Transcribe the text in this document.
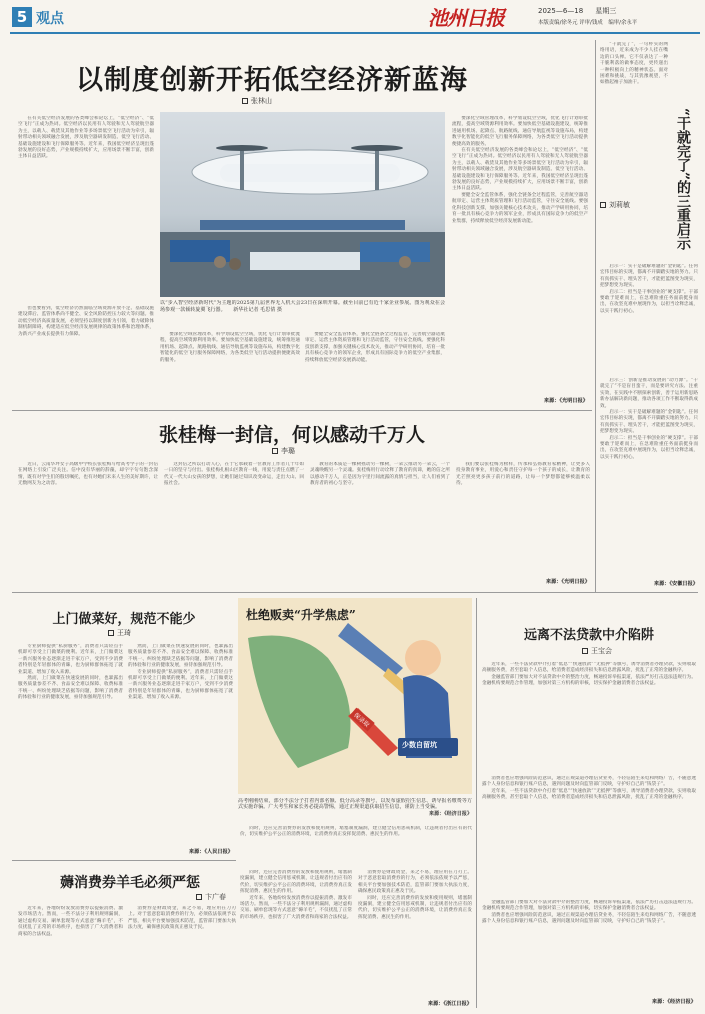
5 观点	池州日报	2025—6—18 星期三
本版责编/徐冬元 评审/钱成 编审/余永平
以制度创新开拓低空经济新蓝海
张林山

在有关低空经济发展的各类峰会和论坛上，“低空经济”、“低空飞行”正成为热词。低空经济以民用有人驾驶和无人驾驶航空器为主，以载人、载货及其他作业等多场景低空飞行活动为牵引，辐射带动相关领域融合发展，涉及航空器研发制造、低空飞行活动、基础设施建设和飞行保障服务等。近年来，我国低空经济呈现出蓬勃发展的良好态势，产业规模持续扩大，应用场景不断丰富，创新主体日益活跃。

以“步入智空经济新时代”为主题的2025第九届世界无人机大会23日在深圳开幕。截至目前已有近千家企业参展。图为观众在会场参观一款倾转旋翼飞行器。 新华社记者 毛思倩 摄

但也要看到，低空经济仍然面临空域资源开放不足、基础设施建设滞后、监管体系尚不健全、安全风险防控压力较大等问题。推动低空经济高质量发展，必须坚持以制度创新为引领，着力破除体制机制障碍，构建适应低空经济发展规律的政策体系和治理体系，为新兴产业成长提供有力保障。	要深化空域管理改革，科学划设低空空域，优化飞行计划审批流程，提高空域资源利用效率。要加快低空基础设施建设，统筹推进通用机场、起降点、航路航线、通信导航监视等设施布局，构建数字化智能化的低空飞行服务保障网络，为各类低空飞行活动提供便捷高效的服务。

要健全安全监管体系，强化全链条全过程监管，完善航空器适航审定、运营主体资质管理和飞行活动监管，守住安全底线。要强化科技创新支撑，加强关键核心技术攻关，推动产学研用协同，培育一批具有核心竞争力的领军企业，形成具有国际竞争力的低空产业集群，持续释放低空经济发展新动能。

要深化空域管理改革，科学划设低空空域，优化飞行计划审批流程，提高空域资源利用效率。要加快低空基础设施建设，统筹推进通用机场、起降点、航路航线、通信导航监视等设施布局，构建数字化智能化的低空飞行服务保障网络，为各类低空飞行活动提供便捷高效的服务。

在有关低空经济发展的各类峰会和论坛上，“低空经济”、“低空飞行”正成为热词。低空经济以民用有人驾驶和无人驾驶航空器为主，以载人、载货及其他作业等多场景低空飞行活动为牵引，辐射带动相关领域融合发展，涉及航空器研发制造、低空飞行活动、基础设施建设和飞行保障服务等。近年来，我国低空经济呈现出蓬勃发展的良好态势，产业规模持续扩大，应用场景不断丰富，创新主体日益活跃。

要健全安全监管体系，强化全链条全过程监管，完善航空器适航审定、运营主体资质管理和飞行活动监管，守住安全底线。要强化科技创新支撑，加强关键核心技术攻关，推动产学研用协同，培育一批具有核心竞争力的领军企业，形成具有国际竞争力的低空产业集群，持续释放低空经济发展新动能。

来源：《光明日报》

“干就完了”，一句朴实的网络用语，近来成为不少人挂在嘴边的口头禅。它不仅表达了一种干脆利落的做事态度，更传递出一种积极向上的精神状态。面对困难和挑战，与其犹豫观望，不如撸起袖子加油干。

“干就完了”的三重启示
刘莉敏

启示一：实干是破解难题的“金钥匙”。任何宏伟目标的实现，都离不开脚踏实地的努力。只有真抓实干、埋头苦干，才能把蓝图变为现实，把梦想变为现实。

启示二：担当是干事创业的“硬支撑”。干部要敢于迎难而上，在急难险重任务面前挺身而出，在攻坚克难中展现作为，以担当诠释忠诚，以实干践行初心。

启示三：创新是推动发展的“动力源”。“干就完了”不是盲目蛮干，而是要讲究方法、注重实效，在实践中不断探索创新，善于运用新思路新办法解决新问题，推动各项工作不断取得新成效。

启示一：实干是破解难题的“金钥匙”。任何宏伟目标的实现，都离不开脚踏实地的努力。只有真抓实干、埋头苦干，才能把蓝图变为现实，把梦想变为现实。

启示二：担当是干事创业的“硬支撑”。干部要敢于迎难而上，在急难险重任务面前挺身而出，在攻坚克难中展现作为，以担当诠释忠诚，以实干践行初心。

来源：《安徽日报》
张桂梅一封信，何以感动千万人
李璐

近日，云南华坪女子高级中学校长张桂梅写给高考学子的一封信在网络上引发广泛关注。信中没有华丽的辞藻，却字字句句饱含深情，既有对学生们的殷切嘱托，也有对她们未来人生的美好期许，让无数网友为之动容。

这封信之所以打动人心，在于它承载着一位教育工作者几十年如一日的坚守与付出。张桂梅扎根山区教育一线，用爱与责任点燃了一代又一代大山女孩的梦想，让她们通过知识改变命运，走出大山、回报社会。

教育的本质是一棵树摇动另一棵树，一朵云推动另一朵云，一个灵魂唤醒另一个灵魂。张桂梅用行动诠释了教育的真谛，她的信之所以感动千万人，正是因为字里行间流露的真情与担当，让人们看到了教育者的初心与坚守。

我们要以张桂梅为榜样，传承和弘扬教育家精神，让更多人投身教育事业，用爱心和责任守护每一个孩子的成长，让教育的光芒照亮更多孩子前行的道路，让每一个梦想都能够被温柔以待。

来源：《光明日报》
上门做菜好，规范不能少
王琦

专业厨师提供“私厨服务”，消费者只需轻点手机即可享受上门做菜的便利。近年来，上门做菜这一新兴服务业态逐渐走进千家万户，受到不少消费者特别是年轻群体的青睐，也为厨师群体拓宽了就业渠道、增加了收入来源。

然而，上门做菜在快速发展的同时，也暴露出服务质量参差不齐、食品安全难以保障、收费标准不统一、纠纷处理缺乏依据等问题，影响了消费者的体验和行业的健康发展，亟待加强规范引导。

然而，上门做菜在快速发展的同时，也暴露出服务质量参差不齐、食品安全难以保障、收费标准不统一、纠纷处理缺乏依据等问题，影响了消费者的体验和行业的健康发展，亟待加强规范引导。

专业厨师提供“私厨服务”，消费者只需轻点手机即可享受上门做菜的便利。近年来，上门做菜这一新兴服务业态逐渐走进千家万户，受到不少消费者特别是年轻群体的青睐，也为厨师群体拓宽了就业渠道、增加了收入来源。

来源：《人民日报》
杜绝贩卖“升学焦虑”
保录取
少数自留坑
高考刚刚结束，部分不法分子打着内部名额、低分高录等旗号，以发布虚假招生信息、诱导报名缴费等方式实施诈骗。广大考生和家长务必提高警惕，通过正规渠道获取招生信息，谨防上当受骗。
来源：《经济日报》

同时，还应完善消费券的发放和使用规则，堵塞制度漏洞，建立健全信用惩戒机制，让违规者付出应有的代价，切实维护公平公正的消费环境，让消费券真正发挥促消费、惠民生的作用。

薅消费券羊毛必须严惩
卞广春

近年来，各地纷纷发放消费券以提振消费、激发市场活力。然而，一些不法分子利用规则漏洞，通过虚构交易、刷单套现等方式恶意“薅羊毛”，不仅扰乱了正常的市场秩序，也损害了广大消费者和商家的合法权益。

消费券是财政资金，来之不易，理应用在刀刃上。对于恶意套取消费券的行为，必须依法依规予以严惩，相关平台要加强技术防范，监管部门要加大执法力度，确保惠民政策真正惠及于民。

同时，还应完善消费券的发放和使用规则，堵塞制度漏洞，建立健全信用惩戒机制，让违规者付出应有的代价，切实维护公平公正的消费环境，让消费券真正发挥促消费、惠民生的作用。

近年来，各地纷纷发放消费券以提振消费、激发市场活力。然而，一些不法分子利用规则漏洞，通过虚构交易、刷单套现等方式恶意“薅羊毛”，不仅扰乱了正常的市场秩序，也损害了广大消费者和商家的合法权益。

消费券是财政资金，来之不易，理应用在刀刃上。对于恶意套取消费券的行为，必须依法依规予以严惩，相关平台要加强技术防范，监管部门要加大执法力度，确保惠民政策真正惠及于民。

同时，还应完善消费券的发放和使用规则，堵塞制度漏洞，建立健全信用惩戒机制，让违规者付出应有的代价，切实维护公平公正的消费环境，让消费券真正发挥促消费、惠民生的作用。

来源：《浙江日报》
远离不法贷款中介陷阱
王宝会

近年来，一些不法贷款中介打着“低息”“快速放款”“无抵押”等旗号，诱导消费者办理贷款，实则收取高额服务费，甚至套取个人信息，给消费者造成经济损失和信息泄露风险，扰乱了正常的金融秩序。

金融监管部门要加大对不法贷款中介的整治力度，畅通投诉举报渠道，依法严厉打击违法违规行为。金融机构要规范合作管理，加强对第三方机构的审核，切实保护金融消费者合法权益。

消费者也应增强风险防范意识，通过正规渠道办理信贷业务，不轻信陌生来电和网络广告，不随意透露个人身份信息和银行账户信息，遇到问题及时向监管部门反映，守护好自己的“钱袋子”。

近年来，一些不法贷款中介打着“低息”“快速放款”“无抵押”等旗号，诱导消费者办理贷款，实则收取高额服务费，甚至套取个人信息，给消费者造成经济损失和信息泄露风险，扰乱了正常的金融秩序。

金融监管部门要加大对不法贷款中介的整治力度，畅通投诉举报渠道，依法严厉打击违法违规行为。金融机构要规范合作管理，加强对第三方机构的审核，切实保护金融消费者合法权益。

消费者也应增强风险防范意识，通过正规渠道办理信贷业务，不轻信陌生来电和网络广告，不随意透露个人身份信息和银行账户信息，遇到问题及时向监管部门反映，守护好自己的“钱袋子”。

来源：《经济日报》
